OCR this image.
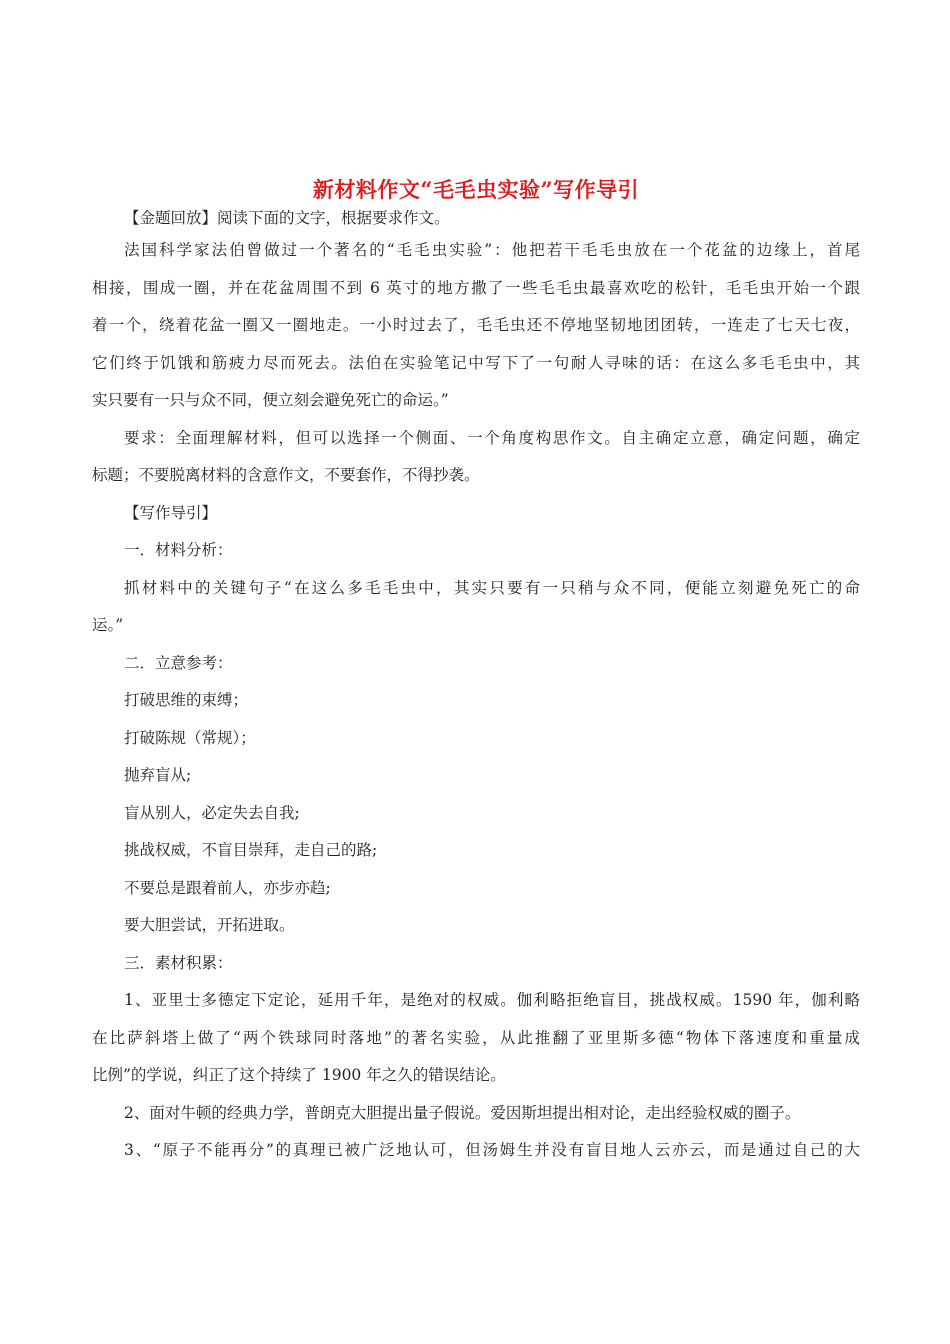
新材料作文“毛毛虫实验”写作导引

【金题回放】阅读下面的文字，根据要求作文。

法国科学家法伯曾做过一个著名的“毛毛虫实验”：他把若干毛毛虫放在一个花盆的边缘上，首尾

相接，围成一圈，并在花盆周围不到 6 英寸的地方撒了一些毛毛虫最喜欢吃的松针，毛毛虫开始一个跟

着一个，绕着花盆一圈又一圈地走。一小时过去了，毛毛虫还不停地坚韧地团团转，一连走了七天七夜，

它们终于饥饿和筋疲力尽而死去。法伯在实验笔记中写下了一句耐人寻味的话：在这么多毛毛虫中，其

实只要有一只与众不同，便立刻会避免死亡的命运。”

要求：全面理解材料，但可以选择一个侧面、一个角度构思作文。自主确定立意，确定问题，确定

标题；不要脱离材料的含意作文，不要套作，不得抄袭。

【写作导引】

一．材料分析：

抓材料中的关键句子“在这么多毛毛虫中，其实只要有一只稍与众不同，便能立刻避免死亡的命

运。”

二．立意参考：

打破思维的束缚；

打破陈规（常规）；

抛弃盲从;

盲从别人，必定失去自我;

挑战权威，不盲目崇拜，走自己的路;

不要总是跟着前人，亦步亦趋;

要大胆尝试，开拓进取。

三．素材积累：

1、亚里士多德定下定论，延用千年，是绝对的权威。伽利略拒绝盲目，挑战权威。1590 年，伽利略

在比萨斜塔上做了“两个铁球同时落地”的著名实验，从此推翻了亚里斯多德“物体下落速度和重量成

比例”的学说，纠正了这个持续了 1900 年之久的错误结论。

2、面对牛顿的经典力学，普朗克大胆提出量子假说。爱因斯坦提出相对论，走出经验权威的圈子。

3、“原子不能再分”的真理已被广泛地认可，但汤姆生并没有盲目地人云亦云，而是通过自己的大
